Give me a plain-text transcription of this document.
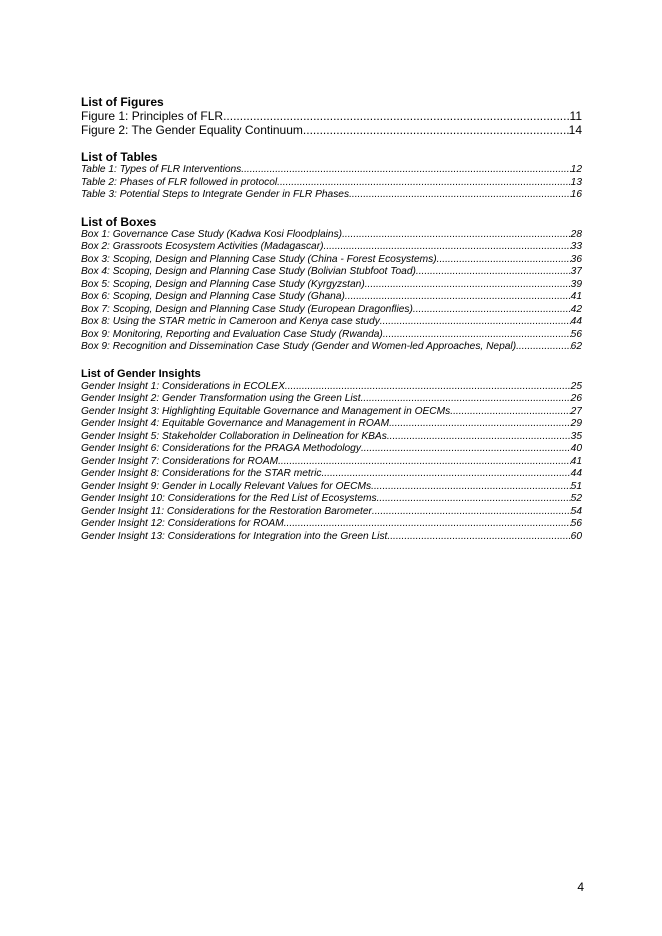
List of Figures
Figure 1: Principles of FLR .....	11
Figure 2: The Gender Equality Continuum .....	14
List of Tables
Table 1: Types of FLR Interventions .....	12
Table 2: Phases of FLR followed in protocol .....	13
Table 3: Potential Steps to Integrate Gender in FLR Phases .....	16
List of Boxes
Box 1: Governance Case Study (Kadwa Kosi Floodplains) .....	28
Box 2: Grassroots Ecosystem Activities (Madagascar) .....	33
Box 3: Scoping, Design and Planning Case Study (China - Forest Ecosystems) .....	36
Box 4: Scoping, Design and Planning Case Study (Bolivian Stubfoot Toad) .....	37
Box 5: Scoping, Design and Planning Case Study (Kyrgyzstan) .....	39
Box 6: Scoping, Design and Planning Case Study (Ghana) .....	41
Box 7: Scoping, Design and Planning Case Study (European Dragonflies) .....	42
Box 8: Using the STAR metric in Cameroon and Kenya case study .....	44
Box 9: Monitoring, Reporting and Evaluation Case Study (Rwanda) .....	56
Box 9: Recognition and Dissemination Case Study (Gender and Women-led Approaches, Nepal) .....	62
List of Gender Insights
Gender Insight 1: Considerations in ECOLEX .....	25
Gender Insight 2: Gender Transformation using the Green List .....	26
Gender Insight 3: Highlighting Equitable Governance and Management in OECMs .....	27
Gender Insight 4: Equitable Governance and Management in ROAM .....	29
Gender Insight 5: Stakeholder Collaboration in Delineation for KBAs .....	35
Gender Insight 6: Considerations for the PRAGA Methodology .....	40
Gender Insight 7: Considerations for ROAM .....	41
Gender Insight 8: Considerations for the STAR metric .....	44
Gender Insight 9: Gender in Locally Relevant Values for OECMs .....	51
Gender Insight 10: Considerations for the Red List of Ecosystems .....	52
Gender Insight 11: Considerations for the Restoration Barometer .....	54
Gender Insight 12: Considerations for ROAM .....	56
Gender Insight 13: Considerations for Integration into the Green List .....	60
4
